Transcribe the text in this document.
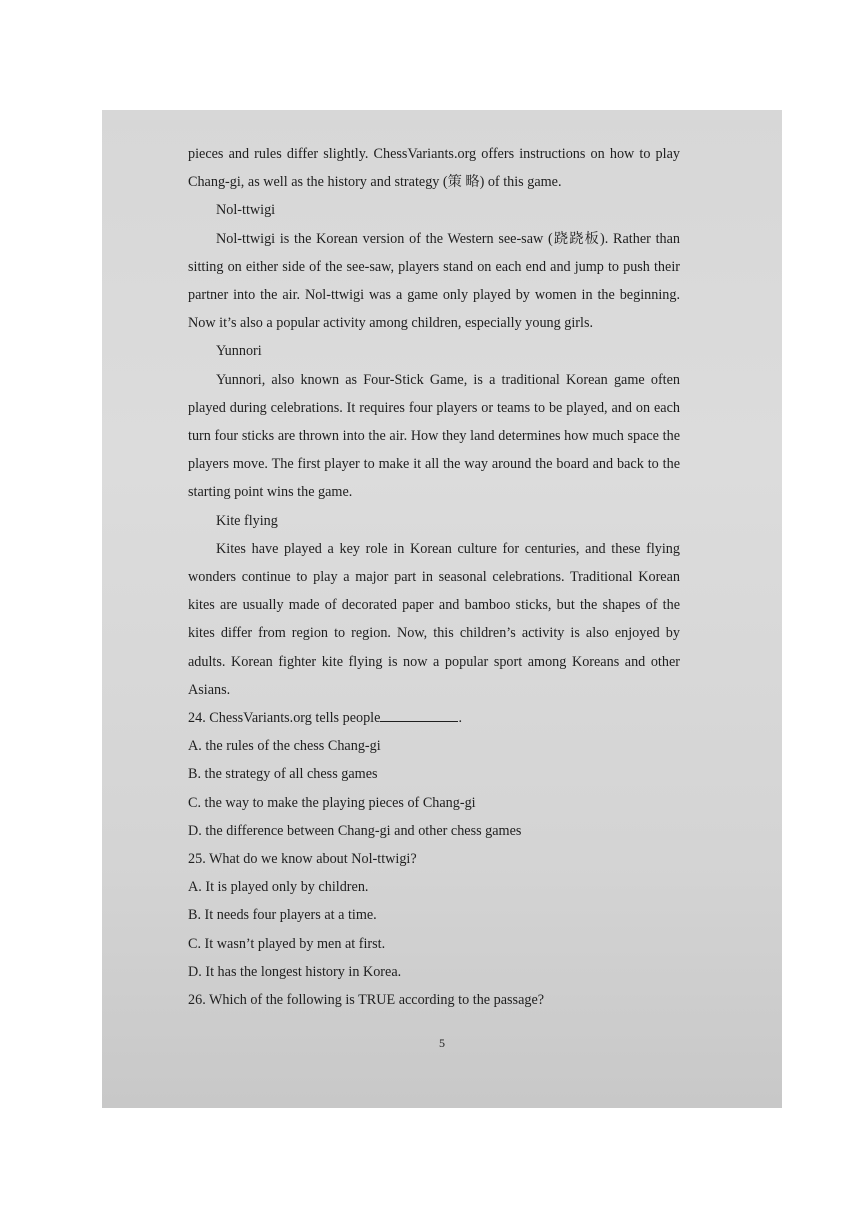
pieces and rules differ slightly. ChessVariants.org offers instructions on how to play Chang-gi, as well as the history and strategy (策 略) of this game.

Nol-ttwigi

Nol-ttwigi is the Korean version of the Western see-saw (跷跷板). Rather than sitting on either side of the see-saw, players stand on each end and jump to push their partner into the air. Nol-ttwigi was a game only played by women in the beginning. Now it’s also a popular activity among children, especially young girls.

Yunnori

Yunnori, also known as Four-Stick Game, is a traditional Korean game often played during celebrations. It requires four players or teams to be played, and on each turn four sticks are thrown into the air. How they land determines how much space the players move. The first player to make it all the way around the board and back to the starting point wins the game.

Kite flying

Kites have played a key role in Korean culture for centuries, and these flying wonders continue to play a major part in seasonal celebrations. Traditional Korean kites are usually made of decorated paper and bamboo sticks, but the shapes of the kites differ from region to region. Now, this children’s activity is also enjoyed by adults. Korean fighter kite flying is now a popular sport among Koreans and other Asians.

24. ChessVariants.org tells people	.

A. the rules of the chess Chang-gi

B. the strategy of all chess games

C. the way to make the playing pieces of Chang-gi

D. the difference between Chang-gi and other chess games

25. What do we know about Nol-ttwigi?

A. It is played only by children.

B. It needs four players at a time.

C. It wasn’t played by men at first.

D. It has the longest history in Korea.

26. Which of the following is TRUE according to the passage?

5
